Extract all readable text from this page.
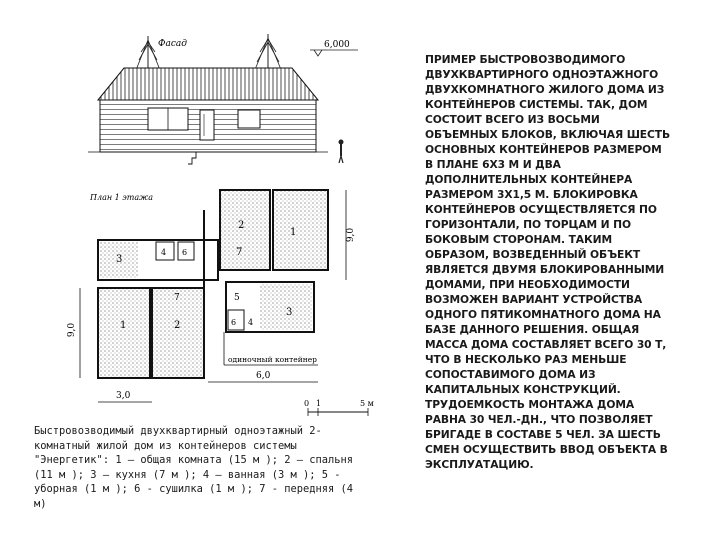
Фасад	6,000
План 1 этажа
2
1
7
3
4 6
1	2
7
6 4
3
5
одиночный контейнер
9,0
9,0
3,0
6,0
0 1	5 м
Быстровозводимый двухквартирный одноэтажный 2-комнатный жилой дом из контейнеров системы "Энергетик": 1 — общая комната (15 м ); 2 — спальня (11 м ); 3 — кухня (7 м ); 4 — ванная (3 м ); 5 - уборная (1 м ); 6 - сушилка (1 м ); 7 - передняя (4 м)
ПРИМЕР БЫСТРОВОЗВОДИМОГО ДВУХКВАРТИРНОГО ОДНОЭТАЖНОГО ДВУХКОМНАТНОГО ЖИЛОГО ДОМА ИЗ КОНТЕЙНЕРОВ СИСТЕМЫ. ТАК, ДОМ СОСТОИТ ВСЕГО ИЗ ВОСЬМИ ОБЪЕМНЫХ БЛОКОВ, ВКЛЮЧАЯ ШЕСТЬ ОСНОВНЫХ КОНТЕЙНЕРОВ РАЗМЕРОМ В ПЛАНЕ 6Х3 М И ДВА ДОПОЛНИТЕЛЬНЫХ КОНТЕЙНЕРА РАЗМЕРОМ 3Х1,5 М. БЛОКИРОВКА КОНТЕЙНЕРОВ ОСУЩЕСТВЛЯЕТСЯ ПО ГОРИЗОНТАЛИ, ПО ТОРЦАМ И ПО БОКОВЫМ СТОРОНАМ. ТАКИМ ОБРАЗОМ, ВОЗВЕДЕННЫЙ ОБЪЕКТ ЯВЛЯЕТСЯ ДВУМЯ БЛОКИРОВАННЫМИ ДОМАМИ, ПРИ НЕОБХОДИМОСТИ ВОЗМОЖЕН ВАРИАНТ УСТРОЙСТВА ОДНОГО ПЯТИКОМНАТНОГО ДОМА НА БАЗЕ ДАННОГО РЕШЕНИЯ. ОБЩАЯ МАССА ДОМА СОСТАВЛЯЕТ ВСЕГО 30 Т, ЧТО В НЕСКОЛЬКО РАЗ МЕНЬШЕ СОПОСТАВИМОГО ДОМА ИЗ КАПИТАЛЬНЫХ КОНСТРУКЦИЙ. ТРУДОЕМКОСТЬ МОНТАЖА ДОМА РАВНА 30 ЧЕЛ.-ДН., ЧТО ПОЗВОЛЯЕТ БРИГАДЕ В СОСТАВЕ 5 ЧЕЛ. ЗА ШЕСТЬ СМЕН ОСУЩЕСТВИТЬ ВВОД ОБЪЕКТА В ЭКСПЛУАТАЦИЮ.
